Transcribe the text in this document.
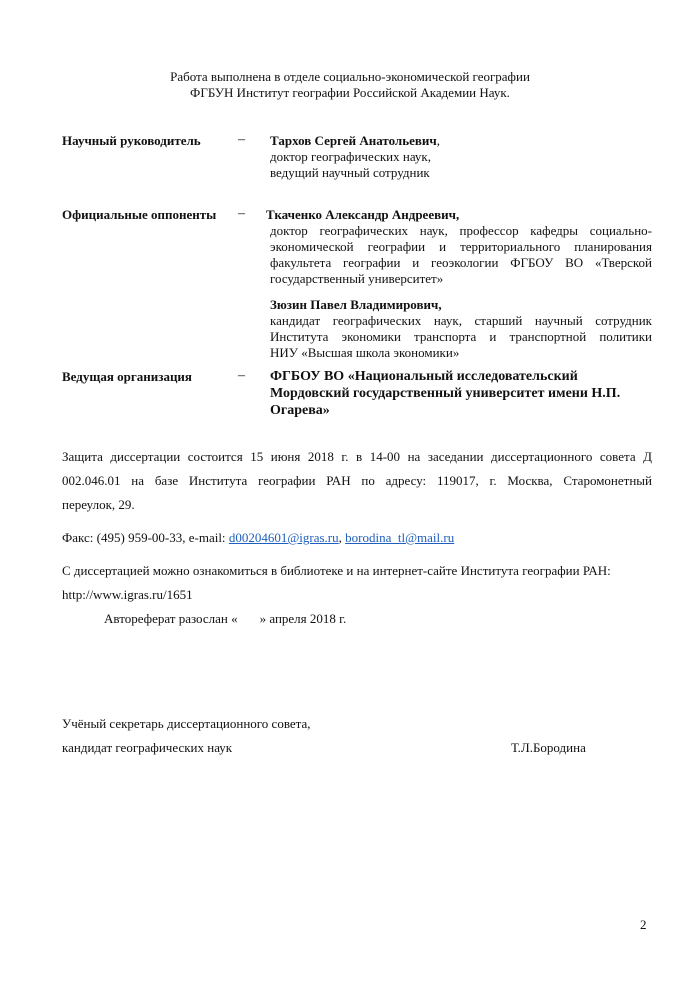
Работа выполнена в отделе социально-экономической географии
ФГБУН Институт географии Российской Академии Наук.
Научный руководитель	– Тархов Сергей Анатольевич,
доктор географических наук,
ведущий научный сотрудник
Официальные оппоненты – Ткаченко Александр Андреевич,
доктор географических наук, профессор кафедры социально-
экономической географии и территориального планирования
факультета географии и геоэкологии ФГБОУ ВО «Тверской
государственный университет»
Зюзин Павел Владимирович,
кандидат географических наук, старший научный сотрудник
Института экономики транспорта и транспортной политики
НИУ «Высшая школа экономики»
Ведущая организация	– ФГБОУ ВО «Национальный исследовательский
Мордовский государственный университет имени Н.П.
Огарева»
Защита диссертации состоится 15 июня 2018 г. в 14-00 на заседании диссертационного совета Д
002.046.01 на базе Института географии РАН по адресу: 119017, г. Москва, Старомонетный
переулок, 29.
Факс: (495) 959-00-33, e-mail: d00204601@igras.ru, borodina_tl@mail.ru
С диссертацией можно ознакомиться в библиотеке и на интернет-сайте Института географии РАН:
http://www.igras.ru/1651
Автореферат разослан « » апреля 2018 г.
Учёный секретарь диссертационного совета,
кандидат географических наук	Т.Л.Бородина
2
